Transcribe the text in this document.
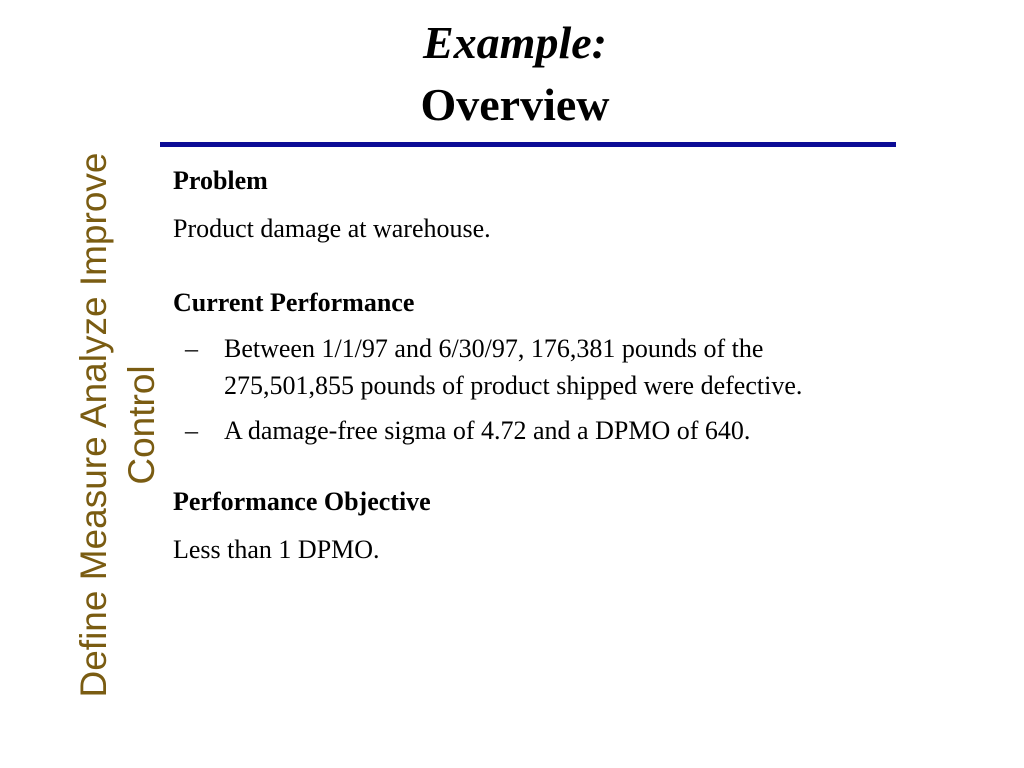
Example:
Overview
Define Measure Analyze Improve Control

Problem

Product damage at warehouse.

Current Performance

– Between 1/1/97 and 6/30/97, 176,381 pounds of the 275,501,855 pounds of product shipped were defective.
– A damage-free sigma of 4.72 and a DPMO of 640.

Performance Objective

Less than 1 DPMO.
